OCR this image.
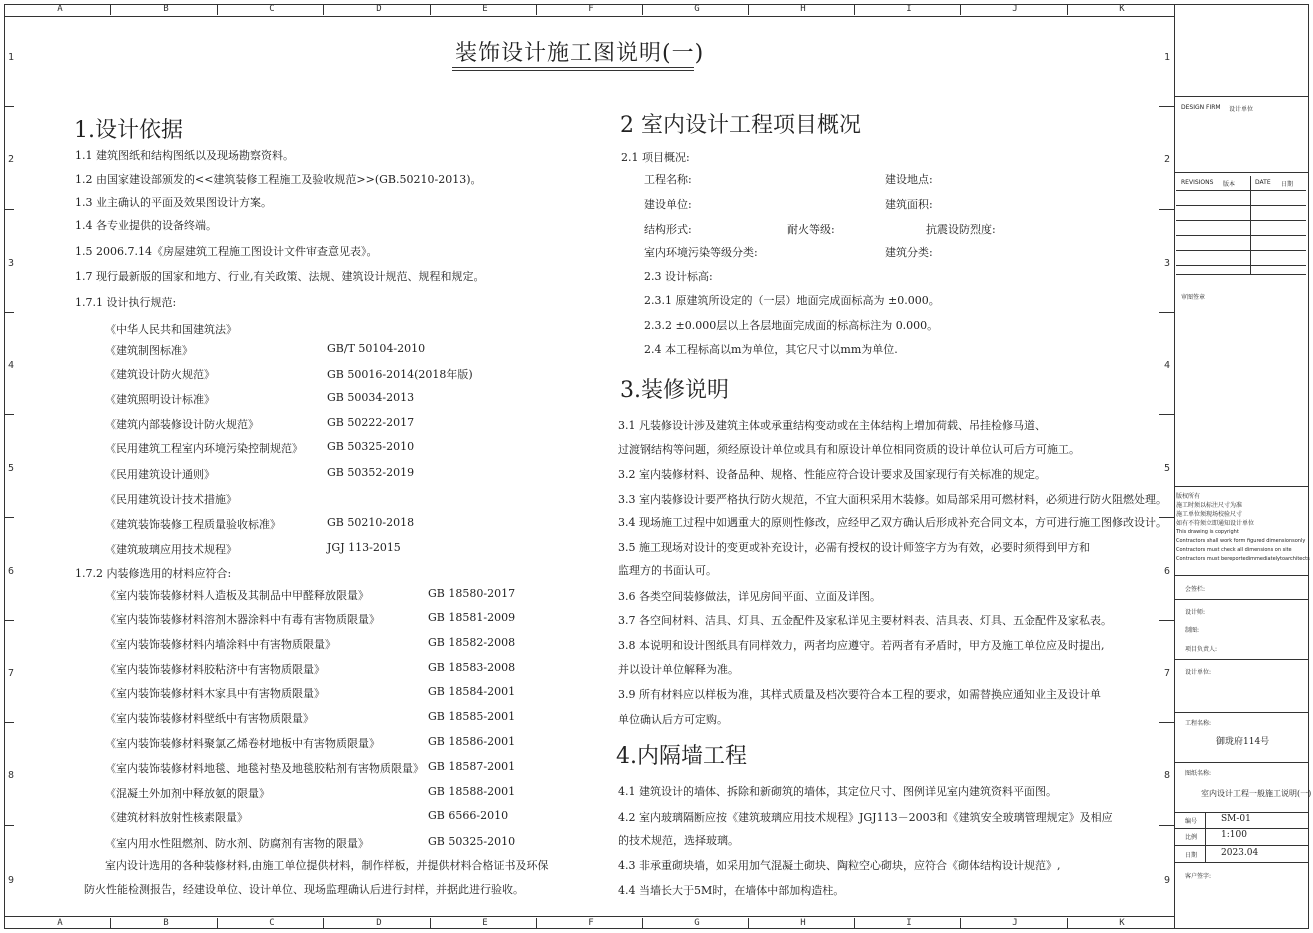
A	B	C	D	E	F	G	H	I	J	K
A	B	C	D	E	F	G	H	I	J	K
1
2
3
4
5
6
7
8
9
1
2
3
4
5
6
7
8
9
装饰设计施工图说明(一)
1.设计依据
1.1 建筑图纸和结构图纸以及现场勘察资料。
1.2 由国家建设部颁发的<<建筑装修工程施工及验收规范>>(GB.50210-2013)。
1.3 业主确认的平面及效果图设计方案。
1.4 各专业提供的设备终端。
1.5 2006.7.14《房屋建筑工程施工图设计文件审查意见表》。
1.7 现行最新版的国家和地方、行业,有关政策、法规、建筑设计规范、规程和规定。
1.7.1 设计执行规范:
《中华人民共和国建筑法》
《建筑制图标准》	GB/T 50104-2010
《建筑设计防火规范》	GB 50016-2014(2018年版)
《建筑照明设计标准》	GB 50034-2013
《建筑内部装修设计防火规范》	GB 50222-2017
《民用建筑工程室内环境污染控制规范》 GB 50325-2010
《民用建筑设计通则》	GB 50352-2019
《民用建筑设计技术措施》
《建筑装饰装修工程质量验收标准》	GB 50210-2018
《建筑玻璃应用技术规程》	JGJ 113-2015
1.7.2 内装修选用的材料应符合:
《室内装饰装修材料人造板及其制品中甲醛释放限量》	GB 18580-2017
《室内装饰装修材料溶剂木器涂料中有毒有害物质限量》	GB 18581-2009
《室内装饰装修材料内墙涂料中有害物质限量》	GB 18582-2008
《室内装饰装修材料胶粘济中有害物质限量》	GB 18583-2008
《室内装饰装修材料木家具中有害物质限量》	GB 18584-2001
《室内装饰装修材料壁纸中有害物质限量》	GB 18585-2001
《室内装饰装修材料聚氯乙烯卷材地板中有害物质限量》	GB 18586-2001
《室内装饰装修材料地毯、地毯衬垫及地毯胶粘剂有害物质限量》 GB 18587-2001
《混凝土外加剂中释放氨的限量》	GB 18588-2001
《建筑材料放射性核素限量》	GB 6566-2010
《室内用水性阻燃剂、防水剂、防腐剂有害物的限量》	GB 50325-2010
室内设计选用的各种装修材料,由施工单位提供材料，制作样板，并提供材料合格证书及环保
防火性能检测报告，经建设单位、设计单位、现场监理确认后进行封样，并据此进行验收。
2 室内设计工程项目概况
2.1 项目概况:
工程名称:	建设地点:
建设单位:	建筑面积:
结构形式:	耐火等级:	抗震设防烈度:
室内环境污染等级分类:	建筑分类:
2.3 设计标高:
2.3.1 原建筑所设定的（一层）地面完成面标高为 ±0.000。
2.3.2 ±0.000层以上各层地面完成面的标高标注为 0.000。
2.4 本工程标高以m为单位，其它尺寸以mm为单位.
3.装修说明
3.1 凡装修设计涉及建筑主体或承重结构变动或在主体结构上增加荷载、吊挂检修马道、
过渡钢结构等问题，须经原设计单位或具有和原设计单位相同资质的设计单位认可后方可施工。
3.2 室内装修材料、设备品种、规格、性能应符合设计要求及国家现行有关标准的规定。
3.3 室内装修设计要严格执行防火规范，不宜大面积采用木装修。如局部采用可燃材料，必须进行防火阻燃处理。
3.4 现场施工过程中如遇重大的原则性修改，应经甲乙双方确认后形成补充合同文本，方可进行施工图修改设计。
3.5 施工现场对设计的变更或补充设计，必需有授权的设计师签字方为有效，必要时须得到甲方和
监理方的书面认可。
3.6 各类空间装修做法，详见房间平面、立面及详图。
3.7 各空间材料、洁具、灯具、五金配件及家私详见主要材料表、洁具表、灯具、五金配件及家私表。
3.8 本说明和设计图纸具有同样效力，两者均应遵守。若两者有矛盾时，甲方及施工单位应及时提出,
并以设计单位解释为准。
3.9 所有材料应以样板为准，其样式质量及档次要符合本工程的要求，如需替换应通知业主及设计单
单位确认后方可定购。
4.内隔墙工程
4.1 建筑设计的墙体、拆除和新砌筑的墙体，其定位尺寸、图例详见室内建筑资料平面图。
4.2 室内玻璃隔断应按《建筑玻璃应用技术规程》JGJ113－2003和《建筑安全玻璃管理规定》及相应
的技术规范，选择玻璃。
4.3 非承重砌块墙，如采用加气混凝土砌块、陶粒空心砌块，应符合《砌体结构设计规范》,
4.4 当墙长大于5M时，在墙体中部加构造柱。
DESIGN FIRM 设计单位
REVISIONS 版本	DATE 日期
审图签章
版权所有
施工时须以标注尺寸为准
施工单位须现场校验尺寸
如有不符须立即通知设计单位
This drawing is copyright
Contractors shall work form figured dimensionsonly
Contractors must check all dimensions on site
Contractors must bereportedimmediatelytoarchitects
会签栏:
设计师:
制图:
项目负责人:
设计单位:
工程名称:
御珑府114号
图纸名称:
室内设计工程一般施工说明(一)
编号	SM-01
比例	1:100
日期	2023.04
客户签字:
